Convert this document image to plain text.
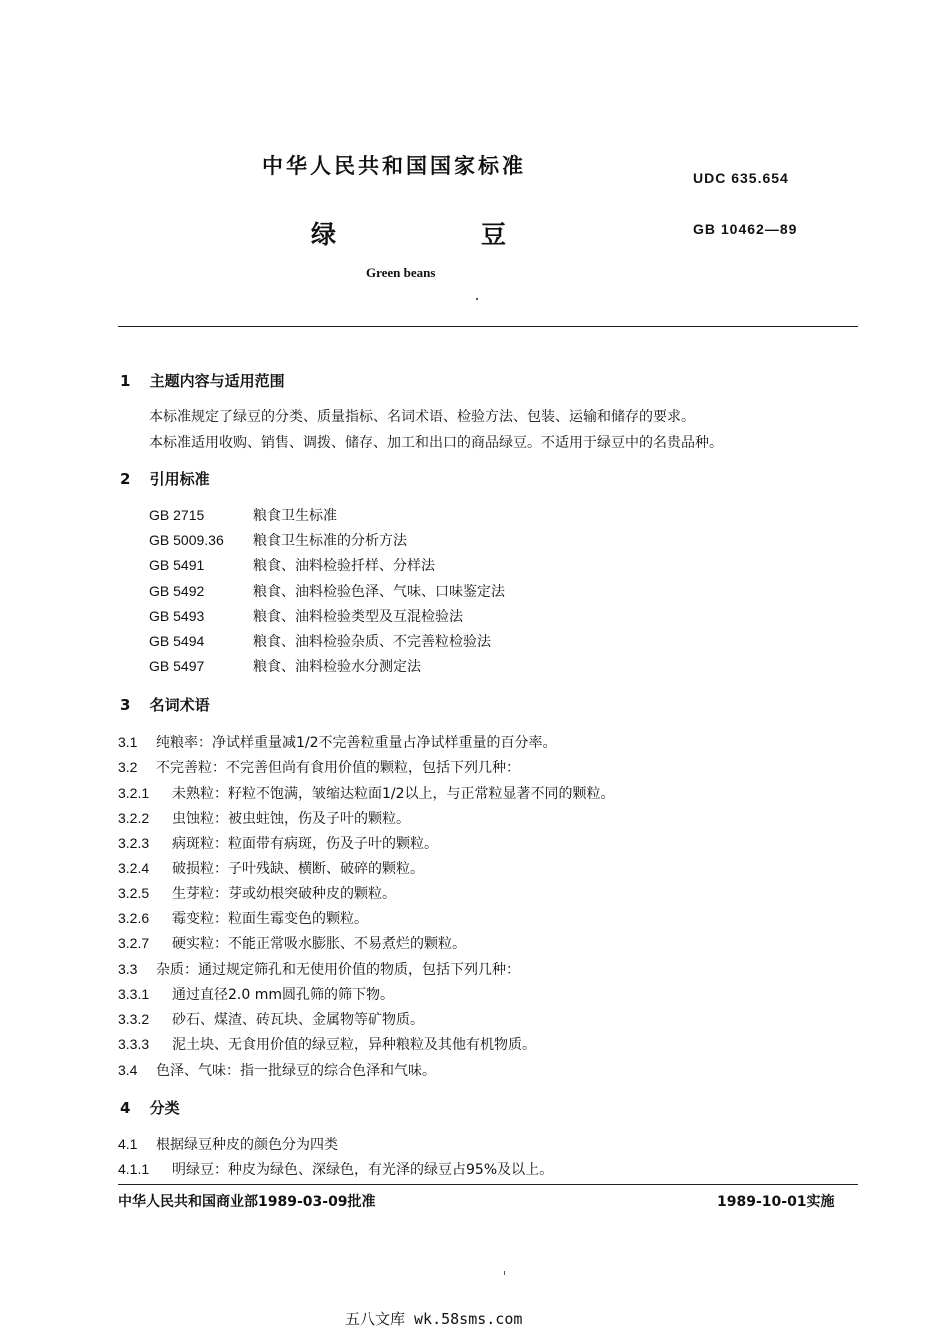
中华人民共和国国家标准	UDC 635.654
绿	豆	GB 10462—89
Green beans
1 主题内容与适用范围
本标准规定了绿豆的分类、质量指标、名词术语、检验方法、包装、运输和储存的要求。
本标准适用收购、销售、调拨、储存、加工和出口的商品绿豆。不适用于绿豆中的名贵品种。
2 引用标准
GB 2715	粮食卫生标准
GB 5009.36 粮食卫生标准的分析方法
GB 5491	粮食、油料检验扦样、分样法
GB 5492	粮食、油料检验色泽、气味、口味鉴定法
GB 5493	粮食、油料检验类型及互混检验法
GB 5494	粮食、油料检验杂质、不完善粒检验法
GB 5497	粮食、油料检验水分测定法
3 名词术语
3.1 纯粮率：净试样重量减1/2不完善粒重量占净试样重量的百分率。
3.2 不完善粒：不完善但尚有食用价值的颗粒，包括下列几种：
3.2.1 未熟粒：籽粒不饱满，皱缩达粒面1/2以上，与正常粒显著不同的颗粒。
3.2.2 虫蚀粒：被虫蛀蚀，伤及子叶的颗粒。
3.2.3 病斑粒：粒面带有病斑，伤及子叶的颗粒。
3.2.4 破损粒：子叶残缺、横断、破碎的颗粒。
3.2.5 生芽粒：芽或幼根突破种皮的颗粒。
3.2.6 霉变粒：粒面生霉变色的颗粒。
3.2.7 硬实粒：不能正常吸水膨胀、不易煮烂的颗粒。
3.3 杂质：通过规定筛孔和无使用价值的物质，包括下列几种：
3.3.1 通过直径2.0 mm圆孔筛的筛下物。
3.3.2 砂石、煤渣、砖瓦块、金属物等矿物质。
3.3.3 泥土块、无食用价值的绿豆粒，异种粮粒及其他有机物质。
3.4 色泽、气味：指一批绿豆的综合色泽和气味。
4 分类
4.1 根据绿豆种皮的颜色分为四类
4.1.1 明绿豆：种皮为绿色、深绿色，有光泽的绿豆占95%及以上。
中华人民共和国商业部1989-03-09批准	1989-10-01实施
五八文库 wk.58sms.com
